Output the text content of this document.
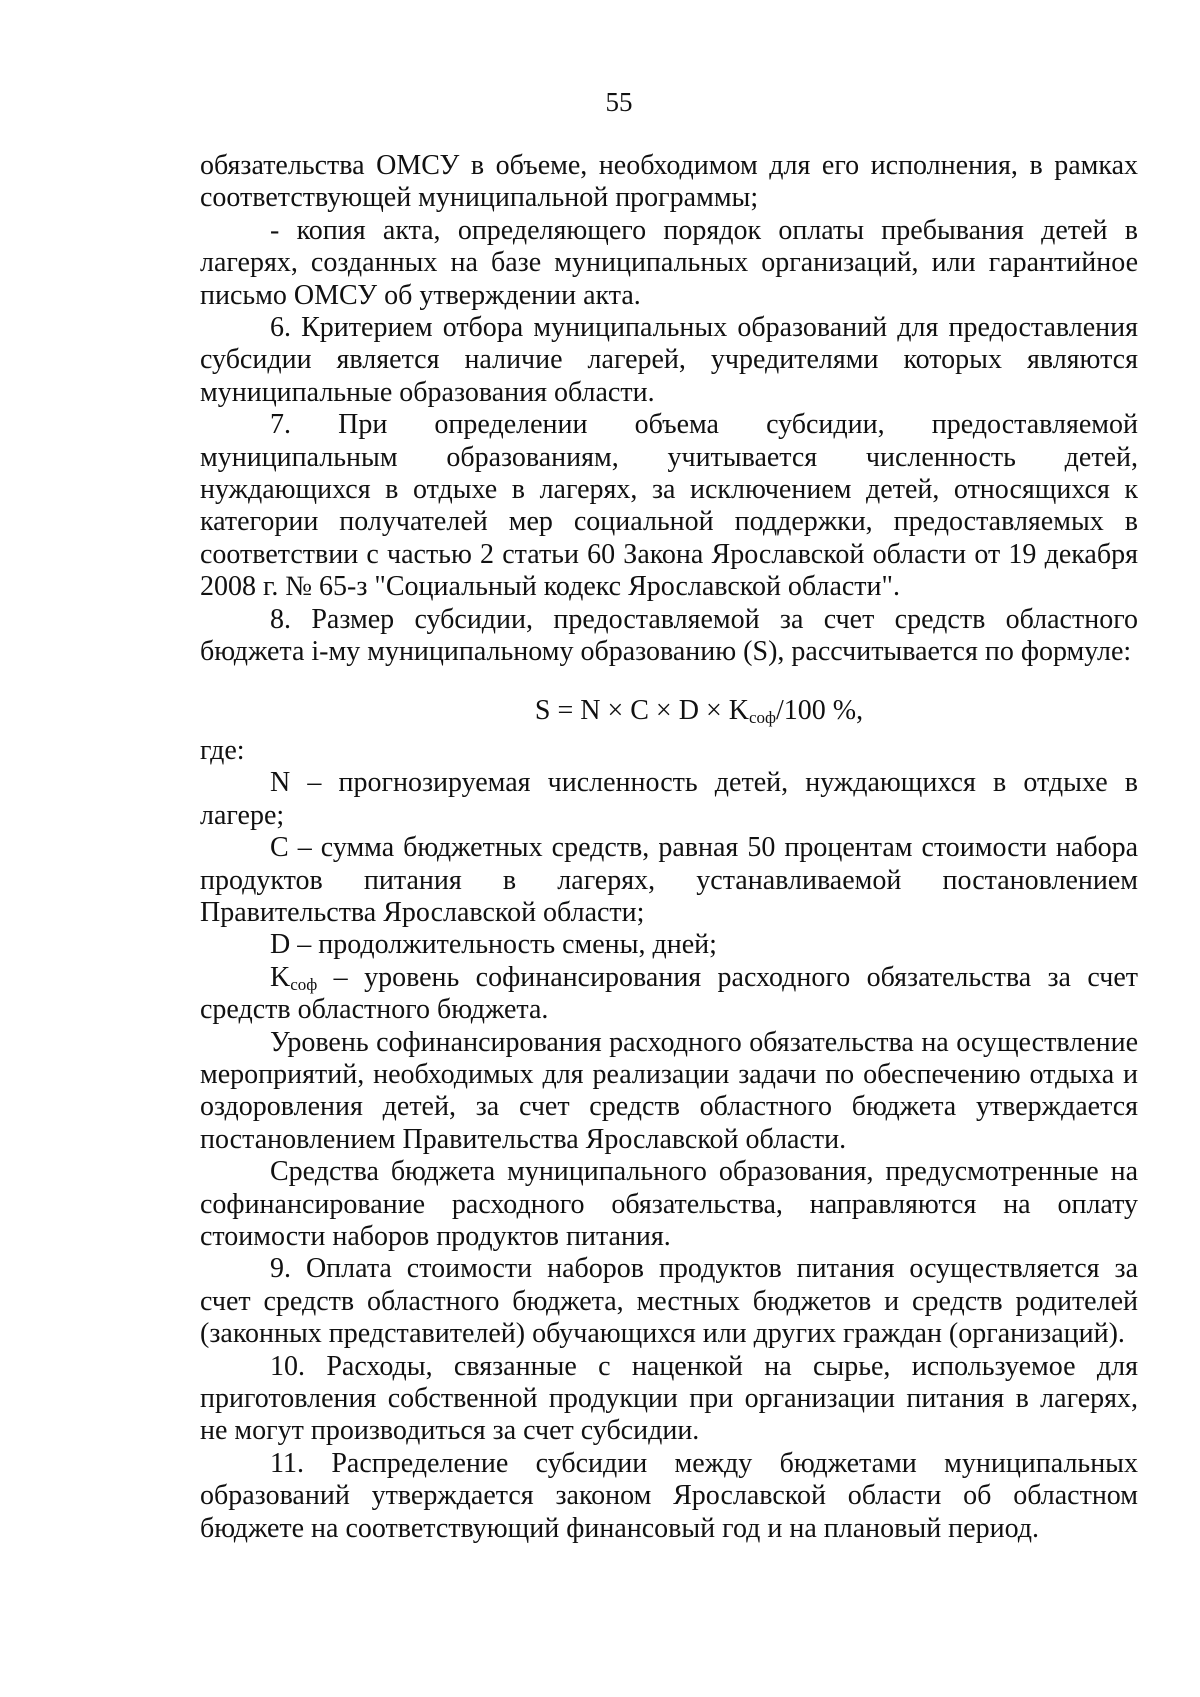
55

обязательства ОМСУ в объеме, необходимом для его исполнения, в рамках соответствующей муниципальной программы;

- копия акта, определяющего порядок оплаты пребывания детей в лагерях, созданных на базе муниципальных организаций, или гарантийное письмо ОМСУ об утверждении акта.

6. Критерием отбора муниципальных образований для предоставления субсидии является наличие лагерей, учредителями которых являются муниципальные образования области.

7. При определении объема субсидии, предоставляемой муниципальным образованиям, учитывается численность детей, нуждающихся в отдыхе в лагерях, за исключением детей, относящихся к категории получателей мер социальной поддержки, предоставляемых в соответствии с частью 2 статьи 60 Закона Ярославской области от 19 декабря 2008 г. № 65-з "Социальный кодекс Ярославской области".

8. Размер субсидии, предоставляемой за счет средств областного бюджета i-му муниципальному образованию (S), рассчитывается по формуле:

$S = N \times C \times D \times K_{соф}/100$ %,

где:

N – прогнозируемая численность детей, нуждающихся в отдыхе в лагере;

C – сумма бюджетных средств, равная 50 процентам стоимости набора продуктов питания в лагерях, устанавливаемой постановлением Правительства Ярославской области;

D – продолжительность смены, дней;

$K_{соф}$ – уровень софинансирования расходного обязательства за счет средств областного бюджета.

Уровень софинансирования расходного обязательства на осуществление мероприятий, необходимых для реализации задачи по обеспечению отдыха и оздоровления детей, за счет средств областного бюджета утверждается постановлением Правительства Ярославской области.

Средства бюджета муниципального образования, предусмотренные на софинансирование расходного обязательства, направляются на оплату стоимости наборов продуктов питания.

9. Оплата стоимости наборов продуктов питания осуществляется за счет средств областного бюджета, местных бюджетов и средств родителей (законных представителей) обучающихся или других граждан (организаций).

10. Расходы, связанные с наценкой на сырье, используемое для приготовления собственной продукции при организации питания в лагерях, не могут производиться за счет субсидии.

11. Распределение субсидии между бюджетами муниципальных образований утверждается законом Ярославской области об областном бюджете на соответствующий финансовый год и на плановый период.
